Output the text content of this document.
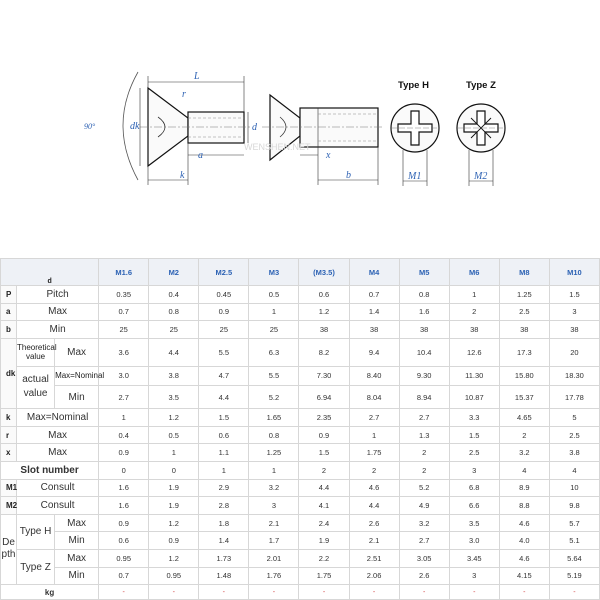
90°
L
r
dk	d
a
k
WENSHEN.NET
x
b
Type H
M1
Type Z
M2
d			M1.6	M2	M2.5	M3	(M3.5)	M4	M5	M6	M8	M10
P	Pitch		0.35	0.4	0.45	0.5	0.6	0.7	0.8	1	1.25	1.5
a	Max		0.7	0.8	0.9	1	1.2	1.4	1.6	2	2.5	3
b	Min		25	25	25	25	38	38	38	38	38	38
dk	Theoretical value	Max	3.6	4.4	5.5	6.3	8.2	9.4	10.4	12.6	17.3	20
	actual
value	Max=Nominal	3.0	3.8	4.7	5.5	7.30	8.40	9.30	11.30	15.80	18.30
		Min	2.7	3.5	4.4	5.2	6.94	8.04	8.94	10.87	15.37	17.78
k	Max=Nominal		1	1.2	1.5	1.65	2.35	2.7	2.7	3.3	4.65	5
r	Max		0.4	0.5	0.6	0.8	0.9	1	1.3	1.5	2	2.5
x	Max		0.9	1	1.1	1.25	1.5	1.75	2	2.5	3.2	3.8
Slot number			0	0	1	1	2	2	2	3	4	4
M1	Consult		1.6	1.9	2.9	3.2	4.4	4.6	5.2	6.8	8.9	10
M2	Consult		1.6	1.9	2.8	3	4.1	4.4	4.9	6.6	8.8	9.8
Depth	Type H	Max	0.9	1.2	1.8	2.1	2.4	2.6	3.2	3.5	4.6	5.7
		Min	0.6	0.9	1.4	1.7	1.9	2.1	2.7	3.0	4.0	5.1
	Type Z	Max	0.95	1.2	1.73	2.01	2.2	2.51	3.05	3.45	4.6	5.64
		Min	0.7	0.95	1.48	1.76	1.75	2.06	2.6	3	4.15	5.19
kg			-	-	-	-	-	-	-	-	-	-
